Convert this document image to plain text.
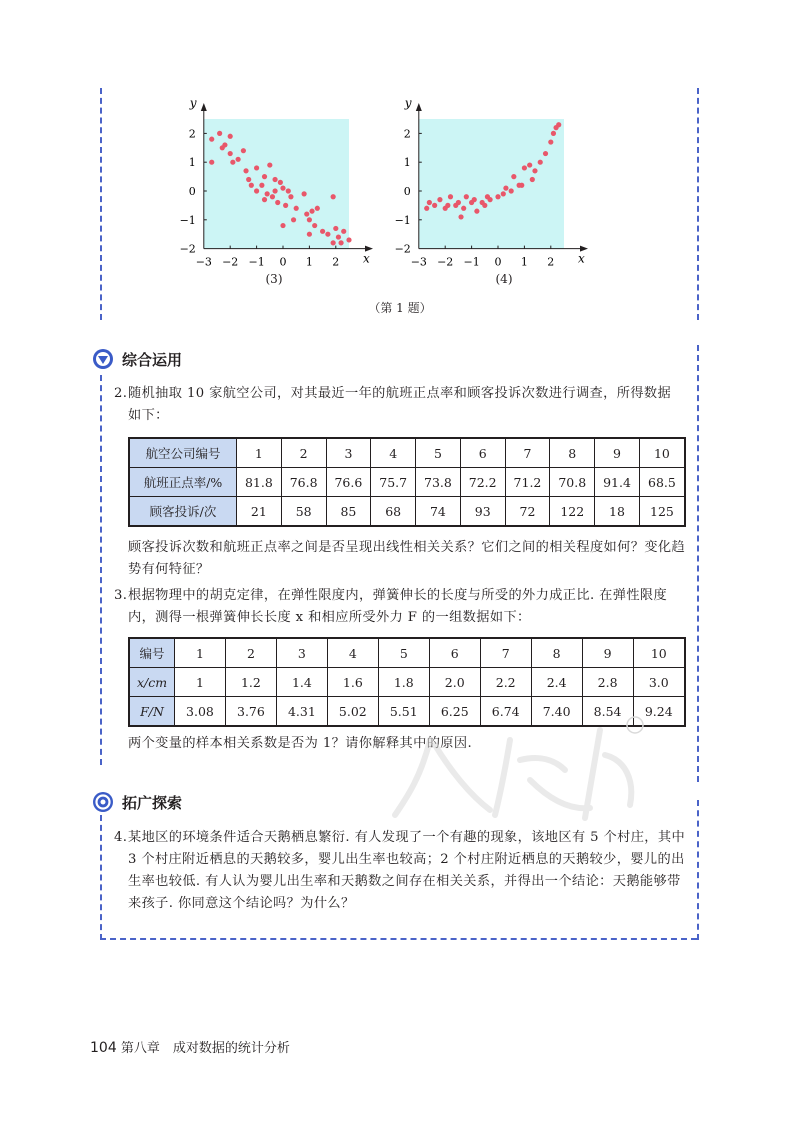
x
y
−3 −2 −1 0 1 2
2
1
0
−1
−2
x
y
−3 −2 −1 0 1 2
2
1
0
−1
−2
(3)	(4)
（第 1 题）
综合运用
2.随机抽取 10 家航空公司，对其最近一年的航班正点率和顾客投诉次数进行调查，所得数据
如下：
航空公司编号	1	2	3	4	5	6	7	8	9	10
航班正点率/%	81.8	76.8	76.6	75.7	73.8	72.2	71.2	70.8	91.4	68.5
顾客投诉/次	21	58	85	68	74	93	72	122	18	125
顾客投诉次数和航班正点率之间是否呈现出线性相关关系？它们之间的相关程度如何？变化趋
势有何特征？
3.根据物理中的胡克定律，在弹性限度内，弹簧伸长的长度与所受的外力成正比. 在弹性限度
内，测得一根弹簧伸长长度 x 和相应所受外力 F 的一组数据如下：
编号	1	2	3	4	5	6	7	8	9	10
x/cm	1	1.2	1.4	1.6	1.8	2.0	2.2	2.4	2.8	3.0
F/N	3.08	3.76	4.31	5.02	5.51	6.25	6.74	7.40	8.54	9.24
两个变量的样本相关系数是否为 1？请你解释其中的原因.
拓广探索
4.某地区的环境条件适合天鹅栖息繁衍. 有人发现了一个有趣的现象，该地区有 5 个村庄，其中
3 个村庄附近栖息的天鹅较多，婴儿出生率也较高；2 个村庄附近栖息的天鹅较少，婴儿的出
生率也较低. 有人认为婴儿出生率和天鹅数之间存在相关关系，并得出一个结论：天鹅能够带
来孩子. 你同意这个结论吗？为什么？
104 第八章　成对数据的统计分析
